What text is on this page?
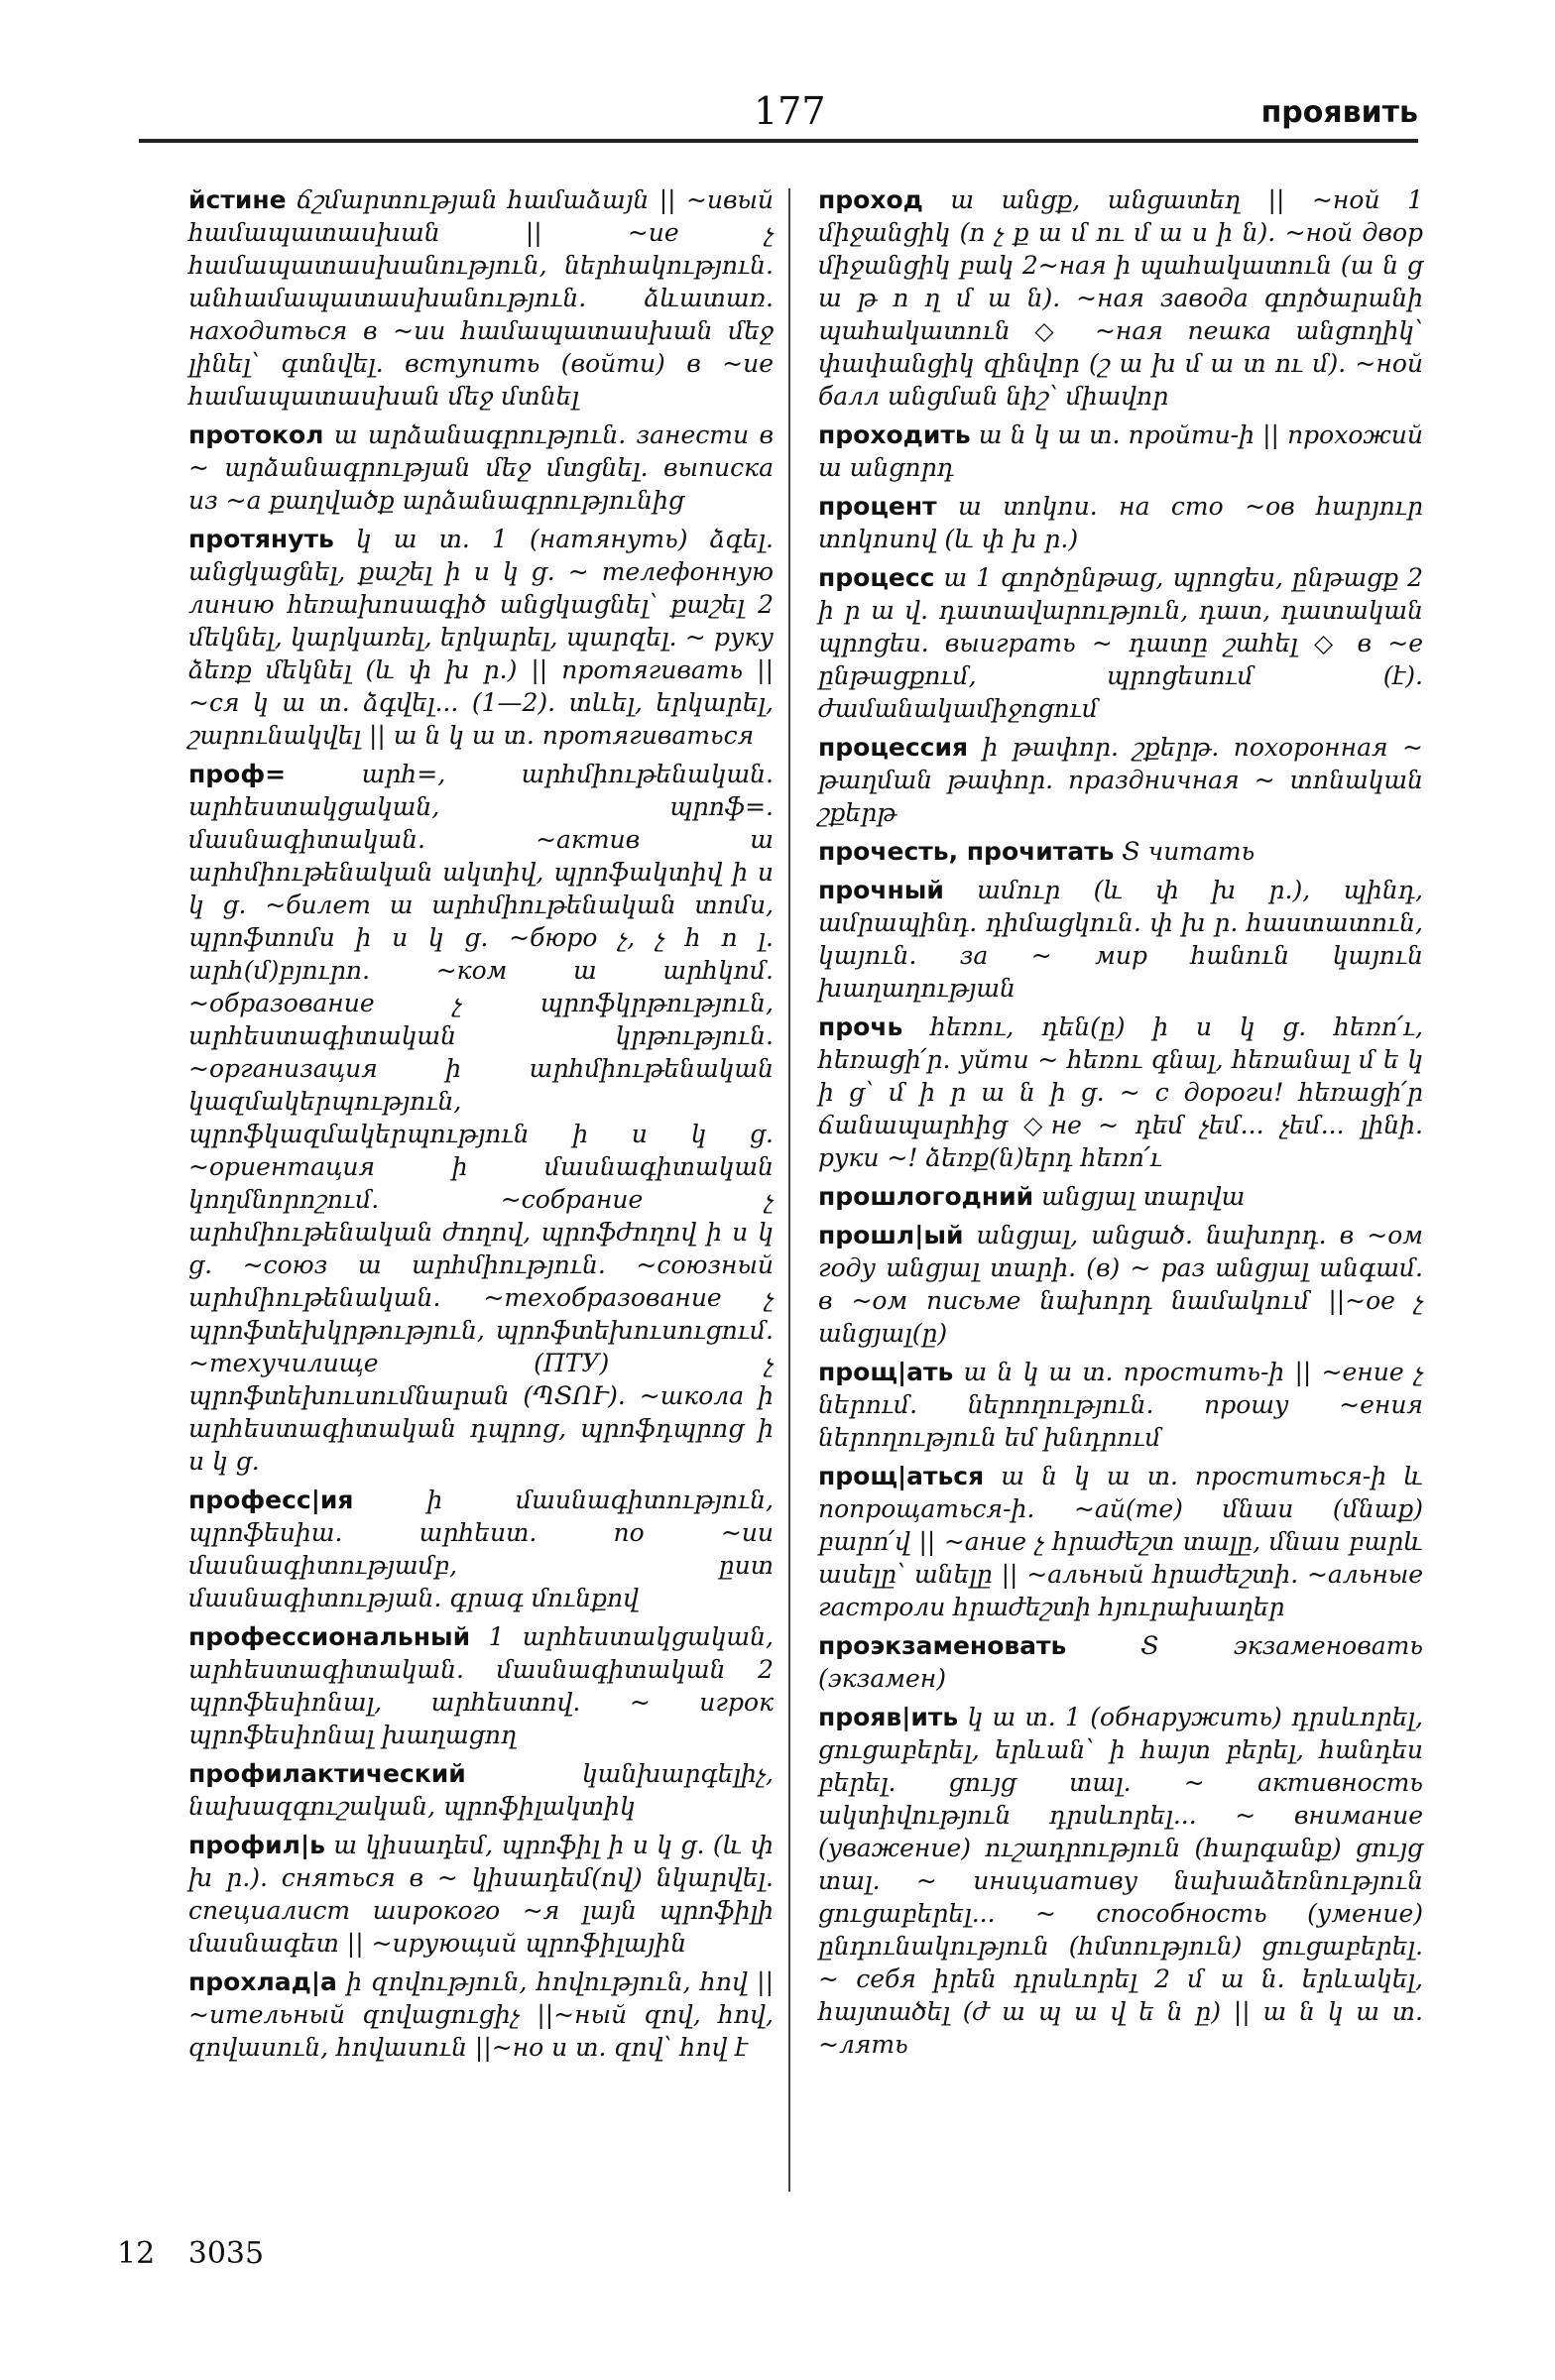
177	проявить

йстине ճշմարտության համաձայն || ~ивый համապատասխան || ~ие չ համապատասխանություն, ներհակություն. անհամապատասխանություն. ձևատառ. находиться в ~ии համապատասխան մեջ լինել՝ գտնվել. вступить (войти) в ~ие համապատասխան մեջ մտնել

протокол ա արձանագրություն. занести в ~ արձանագրության մեջ մտցնել. выписка из ~а քաղվածք արձանագրությունից

протянуть կ ա տ. 1 (натянуть) ձգել. անցկացնել, քաշել ի ս կ ց. ~ телефонную линию հեռախոսագիծ անցկացնել՝ քաշել 2 մեկնել, կարկառել, երկարել, պարզել. ~ руку ձեռք մեկնել (և փ խ ր.) || протягивать || ~ся կ ա տ. ձգվել... (1—2). տևել, երկարել, շարունակվել || ա ն կ ա տ. протягиваться

проф=	արհ=, արհմիութենական. արհեստակցական, պրոֆ=. մասնագիտական. ~актив ա արհմիութենական ակտիվ, պրոֆակտիվ ի ս կ ց. ~билет ա արհմիութենական տոմս, պրոֆտոմս ի ս կ ց. ~бюро չ, չ հ ո լ. արհ(մ)բյուրո. ~ком ա արհկոմ. ~образование չ պրոֆկրթություն, արհեստագիտական կրթություն. ~организация ի արհմիութենական կազմակերպություն, պրոֆկազմակերպություն ի ս կ ց. ~ориентация ի մասնագիտական կողմնորոշում. ~собрание չ արհմիութենական ժողով, պրոֆժողով ի ս կ ց. ~союз ա արհմիություն. ~союзный արհմիութենական. ~техобразование չ պրոֆտեխկրթություն, պրոֆտեխուսուցում. ~техучилище (ПТУ) չ պրոֆտեխուսումնարան (ՊՏՈՒ). ~школа ի արհեստագիտական դպրոց, պրոֆդպրոց ի ս կ ց.

професс|ия	ի մասնագիտություն, պրոֆեսիա. արհեստ. по ~ии մասնագիտությամբ, ըստ մասնագիտության. գրագ մունքով

профессиональный 1 արհեստակցական, արհեստագիտական. մասնագիտական 2 պրոֆեսիոնալ, արհեստով. ~ игрок պրոֆեսիոնալ խաղացող

профилактический	կանխարգելիչ, նախազգուշական, պրոֆիլակտիկ

профил|ь ա կիսադեմ, պրոֆիլ ի ս կ ց. (և փ խ ր.). сняться в ~ կիսադեմ(ով) նկարվել. специалист широкого ~я լայն պրոֆիլի մասնագետ || ~ирующий պրոֆիլային

прохлад|а ի զովություն, հովություն, հով || ~ительный զովացուցիչ ||~ный զով, հով, զովասուն, հովասուն ||~но ս տ. զով՝ հով է

проход ա անցք, անցատեղ || ~ной 1 միջանցիկ (ո չ ք ա մ ու մ ա ս ի ն). ~ной двор միջանցիկ բակ 2~ная ի պահակատուն (ա ն ց ա թ ո ղ մ ա ն). ~ная завода գործարանի պահակատուն ◇ ~ная пешка անցողիկ՝ փափանցիկ զինվոր (շ ա խ մ ա տ ու մ). ~ной балл անցման նիշ՝ միավոր

проходить ա ն կ ա տ. пройти-ի || прохожий ա անցորդ

процент ա տոկոս. на сто ~ов հարյուր տոկոսով (և փ խ ր.)

процесс ա 1 գործընթաց, պրոցես, ընթացք 2 ի ր ա վ. դատավարություն, դատ, դատական պրոցես. выиграть ~ դատը շահել ◇ в ~е ընթացքում, պրոցեսում (է). ժամանակամիջոցում

процессия ի թափոր. շքերթ. похоронная ~ թաղման թափոր. праздничная ~ տոնական շքերթ

прочесть, прочитать Տ читать

прочный ամուր (և փ խ ր.), պինդ, ամրապինդ. դիմացկուն. փ խ ր. հաստատուն, կայուն. за ~ мир հանուն կայուն խաղաղության

прочь հեռու, դեն(ը) ի ս կ ց. հեռո՛ւ, հեռացի՛ր. уйти ~ հեռու գնալ, հեռանալ մ ե կ ի ց՝ մ ի ր ա ն ի ց. ~ с дороги! հեռացի՛ր ճանապարհից ◇не ~ դեմ չեմ... չեմ... լինի. руки ~! ձեռք(ն)երդ հեռո՛ւ

прошлогодний անցյալ տարվա

прошл|ый անցյալ, անցած. նախորդ. в ~ом году անցյալ տարի. (в) ~ раз անցյալ անգամ. в ~ом письме նախորդ նամակում ||~ое չ անցյալ(ը)

прощ|ать ա ն կ ա տ. простить-ի || ~ение չ ներում. ներողություն. прошу ~ения ներողություն եմ խնդրում

прощ|аться ա ն կ ա տ. проститься-ի և попрощаться-ի. ~ай(те) մնաս (մնաք) բարո՛վ || ~ание չ հրաժեշտ տալը, մնաս բարև ասելը՝ անելը || ~альный հրաժեշտի. ~альные гастроли հրաժեշտի հյուրախաղեր

проэкзаменовать	Տ экзаменовать (экзамен)

прояв|ить կ ա տ. 1 (обнаружить) դրսևորել, ցուցաբերել, երևան՝ ի հայտ բերել, հանդես բերել. ցույց տալ. ~ активность ակտիվություն դրսևորել... ~ внимание (уважение) ուշադրություն (հարգանք) ցույց տալ. ~ инициативу նախաձեռնություն ցուցաբերել... ~ способность (умение) ընդունակություն (հմտություն) ցուցաբերել. ~ себя իրեն դրսևորել 2 մ ա ն. երևակել, հայտածել (ժ ա պ ա վ ե ն ը) || ա ն կ ա տ. ~лять

12 3035
